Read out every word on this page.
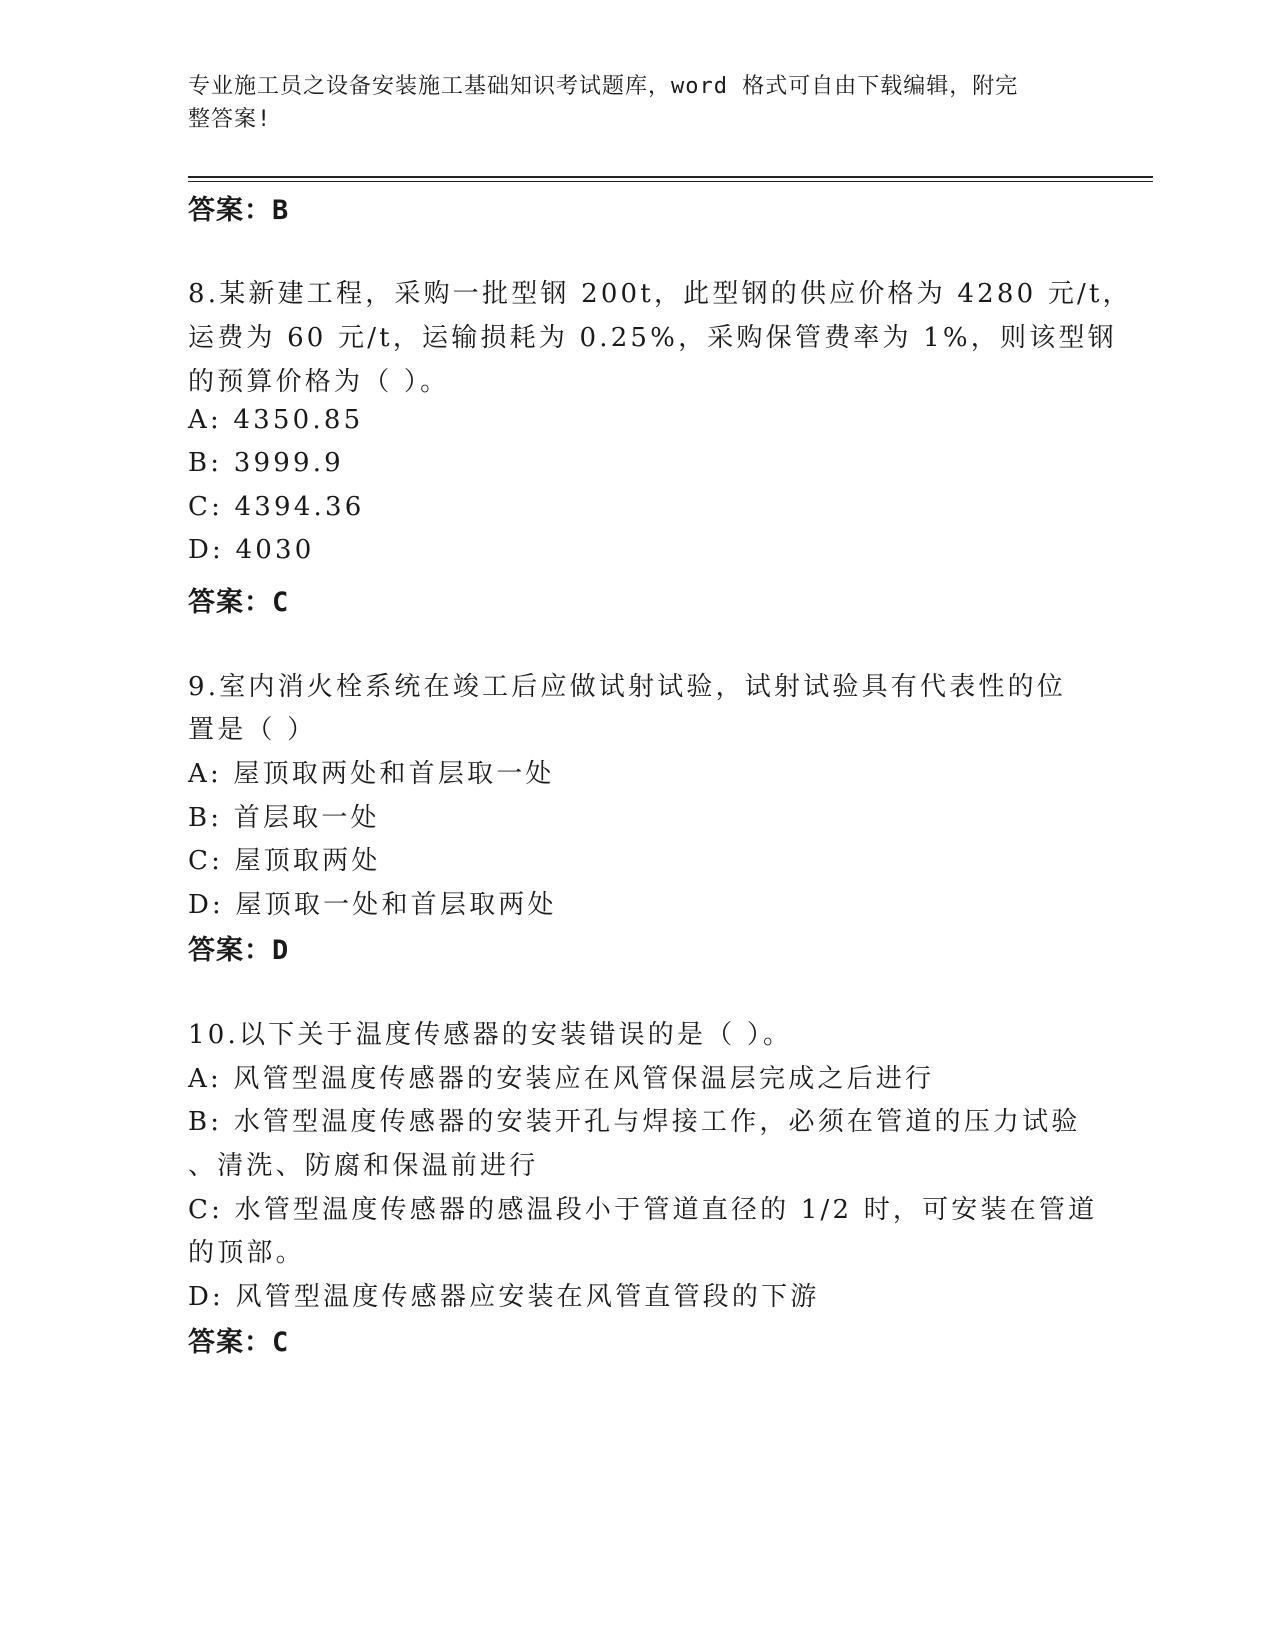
专业施工员之设备安装施工基础知识考试题库，word 格式可自由下载编辑，附完
整答案!
答案：B
8.某新建工程，采购一批型钢 200t，此型钢的供应价格为 4280 元/t，
运费为 60 元/t，运输损耗为 0.25%，采购保管费率为 1%，则该型钢
的预算价格为（ ）。
A: 4350.85
B: 3999.9
C: 4394.36
D: 4030
答案：C
9.室内消火栓系统在竣工后应做试射试验，试射试验具有代表性的位
置是（ ）
A: 屋顶取两处和首层取一处
B: 首层取一处
C: 屋顶取两处
D: 屋顶取一处和首层取两处
答案：D
10.以下关于温度传感器的安装错误的是（ ）。
A: 风管型温度传感器的安装应在风管保温层完成之后进行
B: 水管型温度传感器的安装开孔与焊接工作，必须在管道的压力试验
、清洗、防腐和保温前进行
C: 水管型温度传感器的感温段小于管道直径的 1/2 时，可安装在管道
的顶部。
D: 风管型温度传感器应安装在风管直管段的下游
答案：C
